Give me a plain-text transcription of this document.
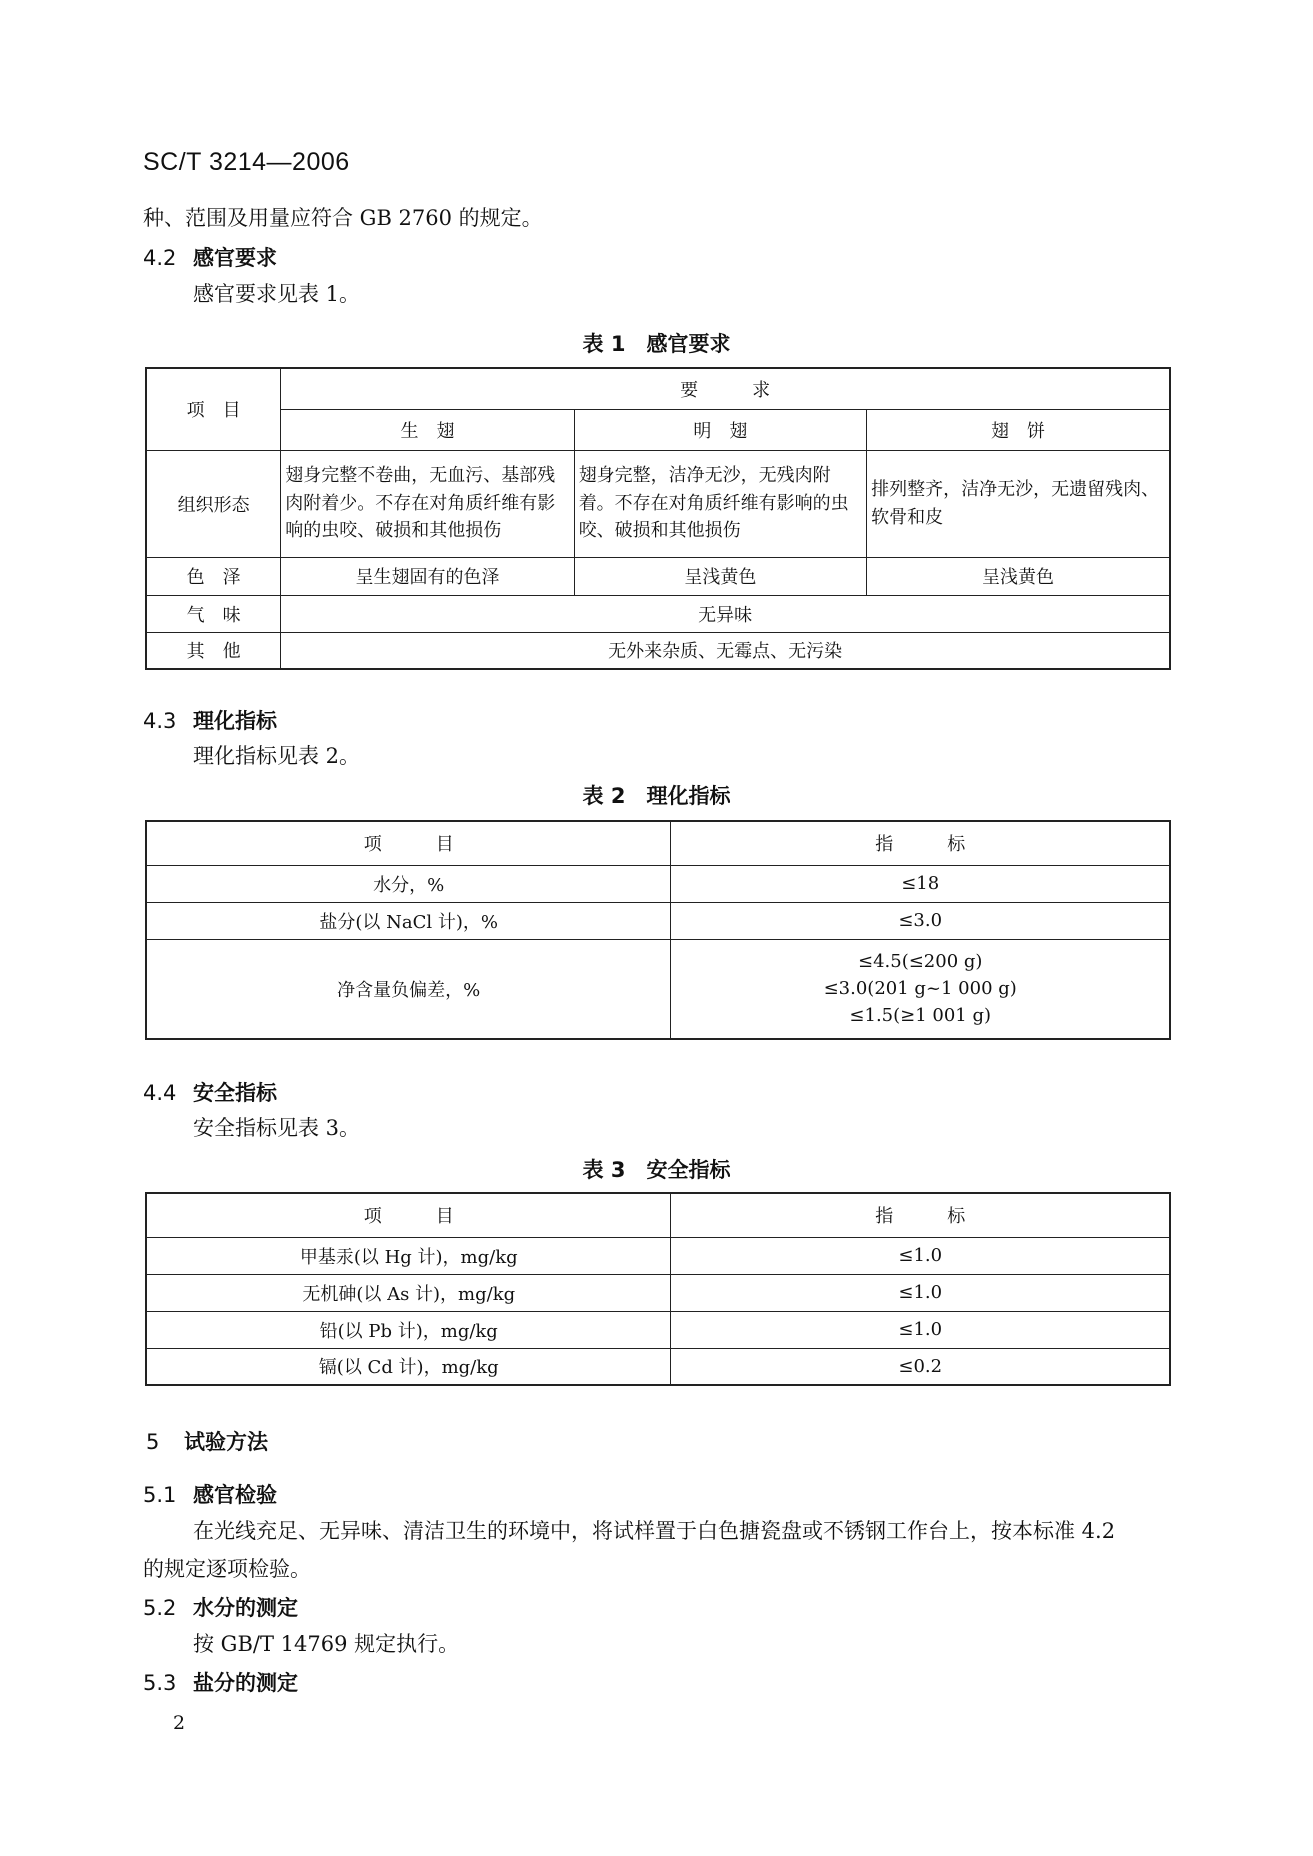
SC/T 3214—2006
种、范围及用量应符合 GB 2760 的规定。
4.2 感官要求
感官要求见表 1。
表 1　感官要求
项　目	要　　　求		
	生　翅	明　翅	翅　饼
组织形态	翅身完整不卷曲，无血污、基部残肉附着少。不存在对角质纤维有影响的虫咬、破损和其他损伤	翅身完整，洁净无沙，无残肉附着。不存在对角质纤维有影响的虫咬、破损和其他损伤	排列整齐，洁净无沙，无遗留残肉、软骨和皮
色　泽	呈生翅固有的色泽	呈浅黄色	呈浅黄色
气　味	无异味		
其　他	无外来杂质、无霉点、无污染		
4.3 理化指标
理化指标见表 2。
表 2　理化指标
项　　　目	指　　　标
水分，%	≤18
盐分(以 NaCl 计)，%	≤3.0
净含量负偏差，%	≤4.5(≤200 g)
≤3.0(201 g~1 000 g)
≤1.5(≥1 001 g)
4.4 安全指标
安全指标见表 3。
表 3　安全指标
项　　　目	指　　　标
甲基汞(以 Hg 计)，mg/kg	≤1.0
无机砷(以 As 计)，mg/kg	≤1.0
铅(以 Pb 计)，mg/kg	≤1.0
镉(以 Cd 计)，mg/kg	≤0.2
5 试验方法
5.1 感官检验
在光线充足、无异味、清洁卫生的环境中，将试样置于白色搪瓷盘或不锈钢工作台上，按本标准 4.2
的规定逐项检验。
5.2 水分的测定
按 GB/T 14769 规定执行。
5.3 盐分的测定
2
